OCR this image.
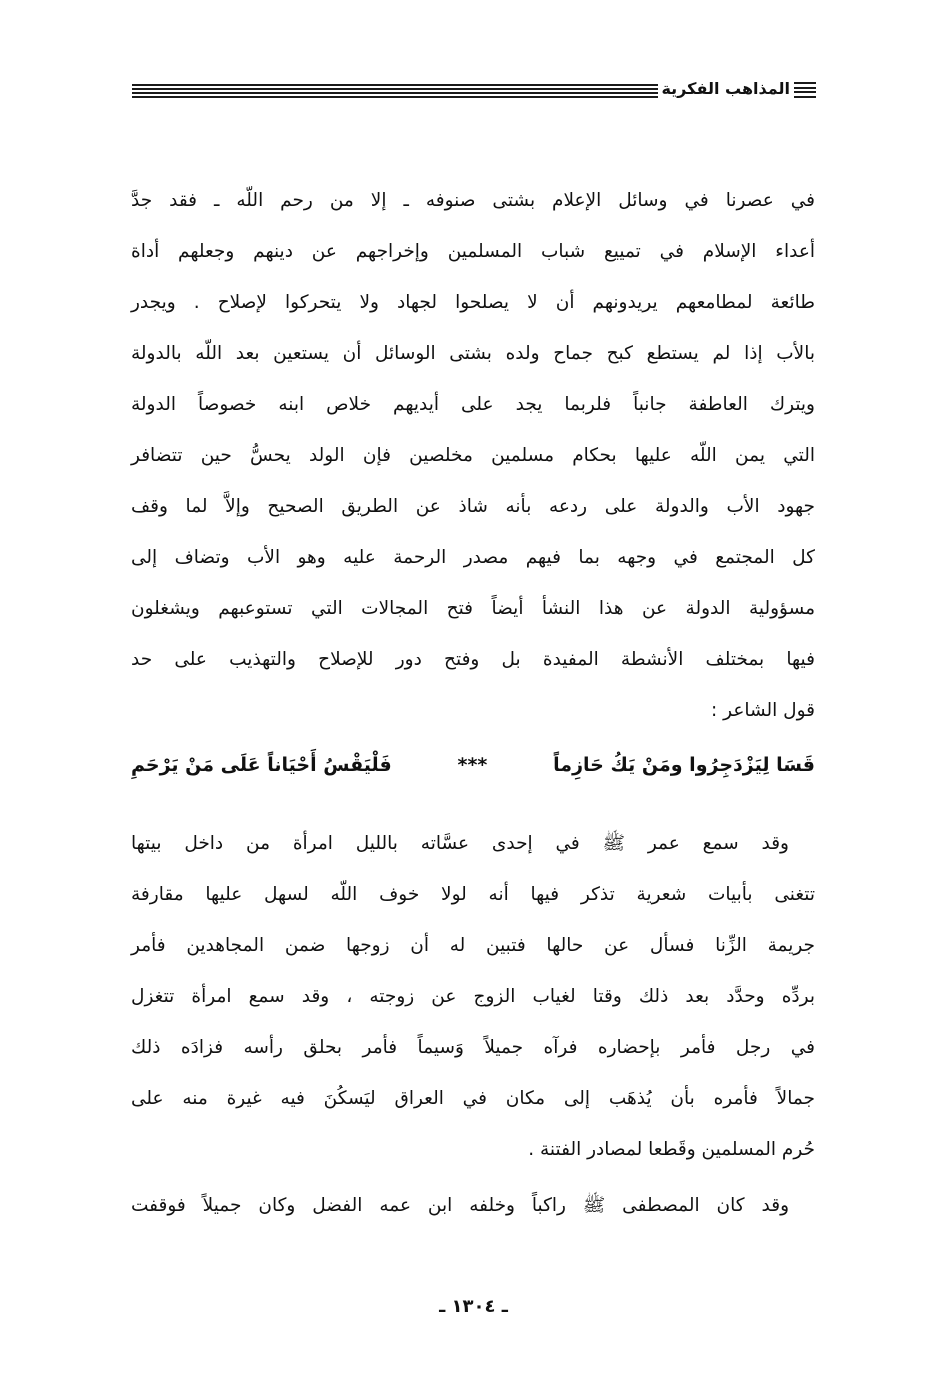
المذاهب الفكرية

في عصرنا في وسائل الإعلام بشتى صنوفه ـ إلا من رحم اللّه ـ فقد جدَّ

أعداء الإسلام في تمييع شباب المسلمين وإخراجهم عن دينهم وجعلهم أداة

طائعة لمطامعهم يريدونهم أن لا يصلحوا لجهاد ولا يتحركوا لإصلاح . ويجدر

بالأب إذا لم يستطع كبح جماح ولده بشتى الوسائل أن يستعين بعد اللّه بالدولة

ويترك العاطفة جانباً فلربما يجد على أيديهم خلاص ابنه خصوصاً الدولة

التي يمن اللّه عليها بحكام مسلمين مخلصين فإن الولد يحسُّ حين تتضافر

جهود الأب والدولة على ردعه بأنه شاذ عن الطريق الصحيح وإلاَّ لما وقف

كل المجتمع في وجهه بما فيهم مصدر الرحمة عليه وهو الأب وتضاف إلى

مسؤولية الدولة عن هذا النشأ أيضاً فتح المجالات التي تستوعبهم ويشغلون

فيها بمختلف الأنشطة المفيدة بل وفتح دور للإصلاح والتهذيب على حد

قول الشاعر :

قَسَا لِيَزْدَجِرُوا ومَنْ يَكُ حَازِماً
***
فَلْيَقْسُ أَحْيَاناً عَلَى مَنْ يَرْحَمِ

وقد سمع عمر ﷺ في إحدى عسَّاته بالليل امرأة من داخل بيتها

تتغنى بأبيات شعرية تذكر فيها أنه لولا خوف اللّه لسهل عليها مقارفة

جريمة الزِّنا فسأل عن حالها فتبين له أن زوجها ضمن المجاهدين فأمر

بردِّه وحدَّد بعد ذلك وقتا لغياب الزوج عن زوجته ، وقد سمع امرأة تتغزل

في رجل فأمر بإحضاره فرآه جميلاً وَسيماً فأمر بحلق رأسه فزادَه ذلك

جمالاً فأمره بأن يُذهَب إلى مكان في العراق ليَسكُنَ فيه غيرة منه على

حُرم المسلمين وقَطعا لمصادر الفتنة .

وقد كان المصطفى ﷺ راكباً وخلفه ابن عمه الفضل وكان جميلاً فوقفت

ـ ١٣٠٤ ـ
